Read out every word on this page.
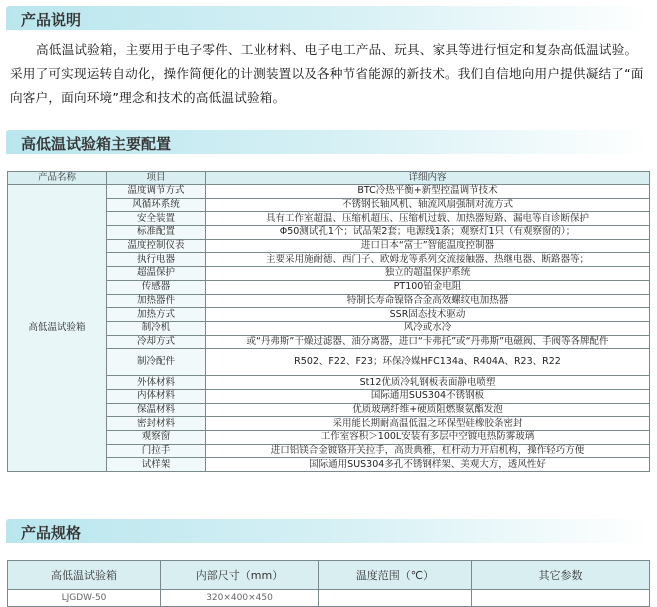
产品说明
高低温试验箱，主要用于电子零件、工业材料、电子电工产品、玩具、家具等进行恒定和复杂高低温试验。采用了可实现运转自动化，操作简便化的计测装置以及各种节省能源的新技术。我们自信地向用户提供凝结了“面向客户，面向环境”理念和技术的高低温试验箱。
高低温试验箱主要配置
产品名称	项目	详细内容
高低温试验箱	温度调节方式	BTC冷热平衡+新型控温调节技术
	风循环系统	不锈钢长轴风机、轴流风扇强制对流方式
	安全装置	具有工作室超温、压缩机超压、压缩机过载、加热器短路、漏电等自诊断保护
	标准配置	Φ50测试孔1个；试品架2套；电源线1条；观察灯1只（有观察窗的）；
	温度控制仪表	进口日本“富士”智能温度控制器
	执行电器	主要采用施耐德、西门子、欧姆龙等系列交流接触器、热继电器、断路器等；
	超温保护	独立的超温保护系统
	传感器	PT100铂金电阻
	加热器件	特制长寿命镍铬合金高效螺纹电加热器
	加热方式	SSR固态技术驱动
	制冷机	风冷或水冷
	冷却方式	或“丹弗斯”干燥过滤器、油分离器，进口“卡弗托”或“丹弗斯”电磁阀、手阀等各牌配件
	制冷配件	R502、F22、F23；环保冷媒HFC134a、R404A、R23、R22
	外体材料	St12优质冷轧钢板表面静电喷塑
	内体材料	国际通用SUS304不锈钢板
	保温材料	优质玻璃纤维+硬质阻燃聚氨酯发泡
	密封材料	采用能长期耐高温低温之环保型硅橡胶条密封
	观察窗	工作室容积＞100L安装有多层中空镀电热防雾玻璃
	门拉手	进口铝镁合金镀铬开关拉手，高贵典雅，杠杆动力开启机构，操作轻巧方便
	试样架	国际通用SUS304多孔不锈钢样架、美观大方，透风性好
产品规格
高低温试验箱	内部尺寸（mm）	温度范围（℃）	其它参数
LJGDW-50	320×400×450		
